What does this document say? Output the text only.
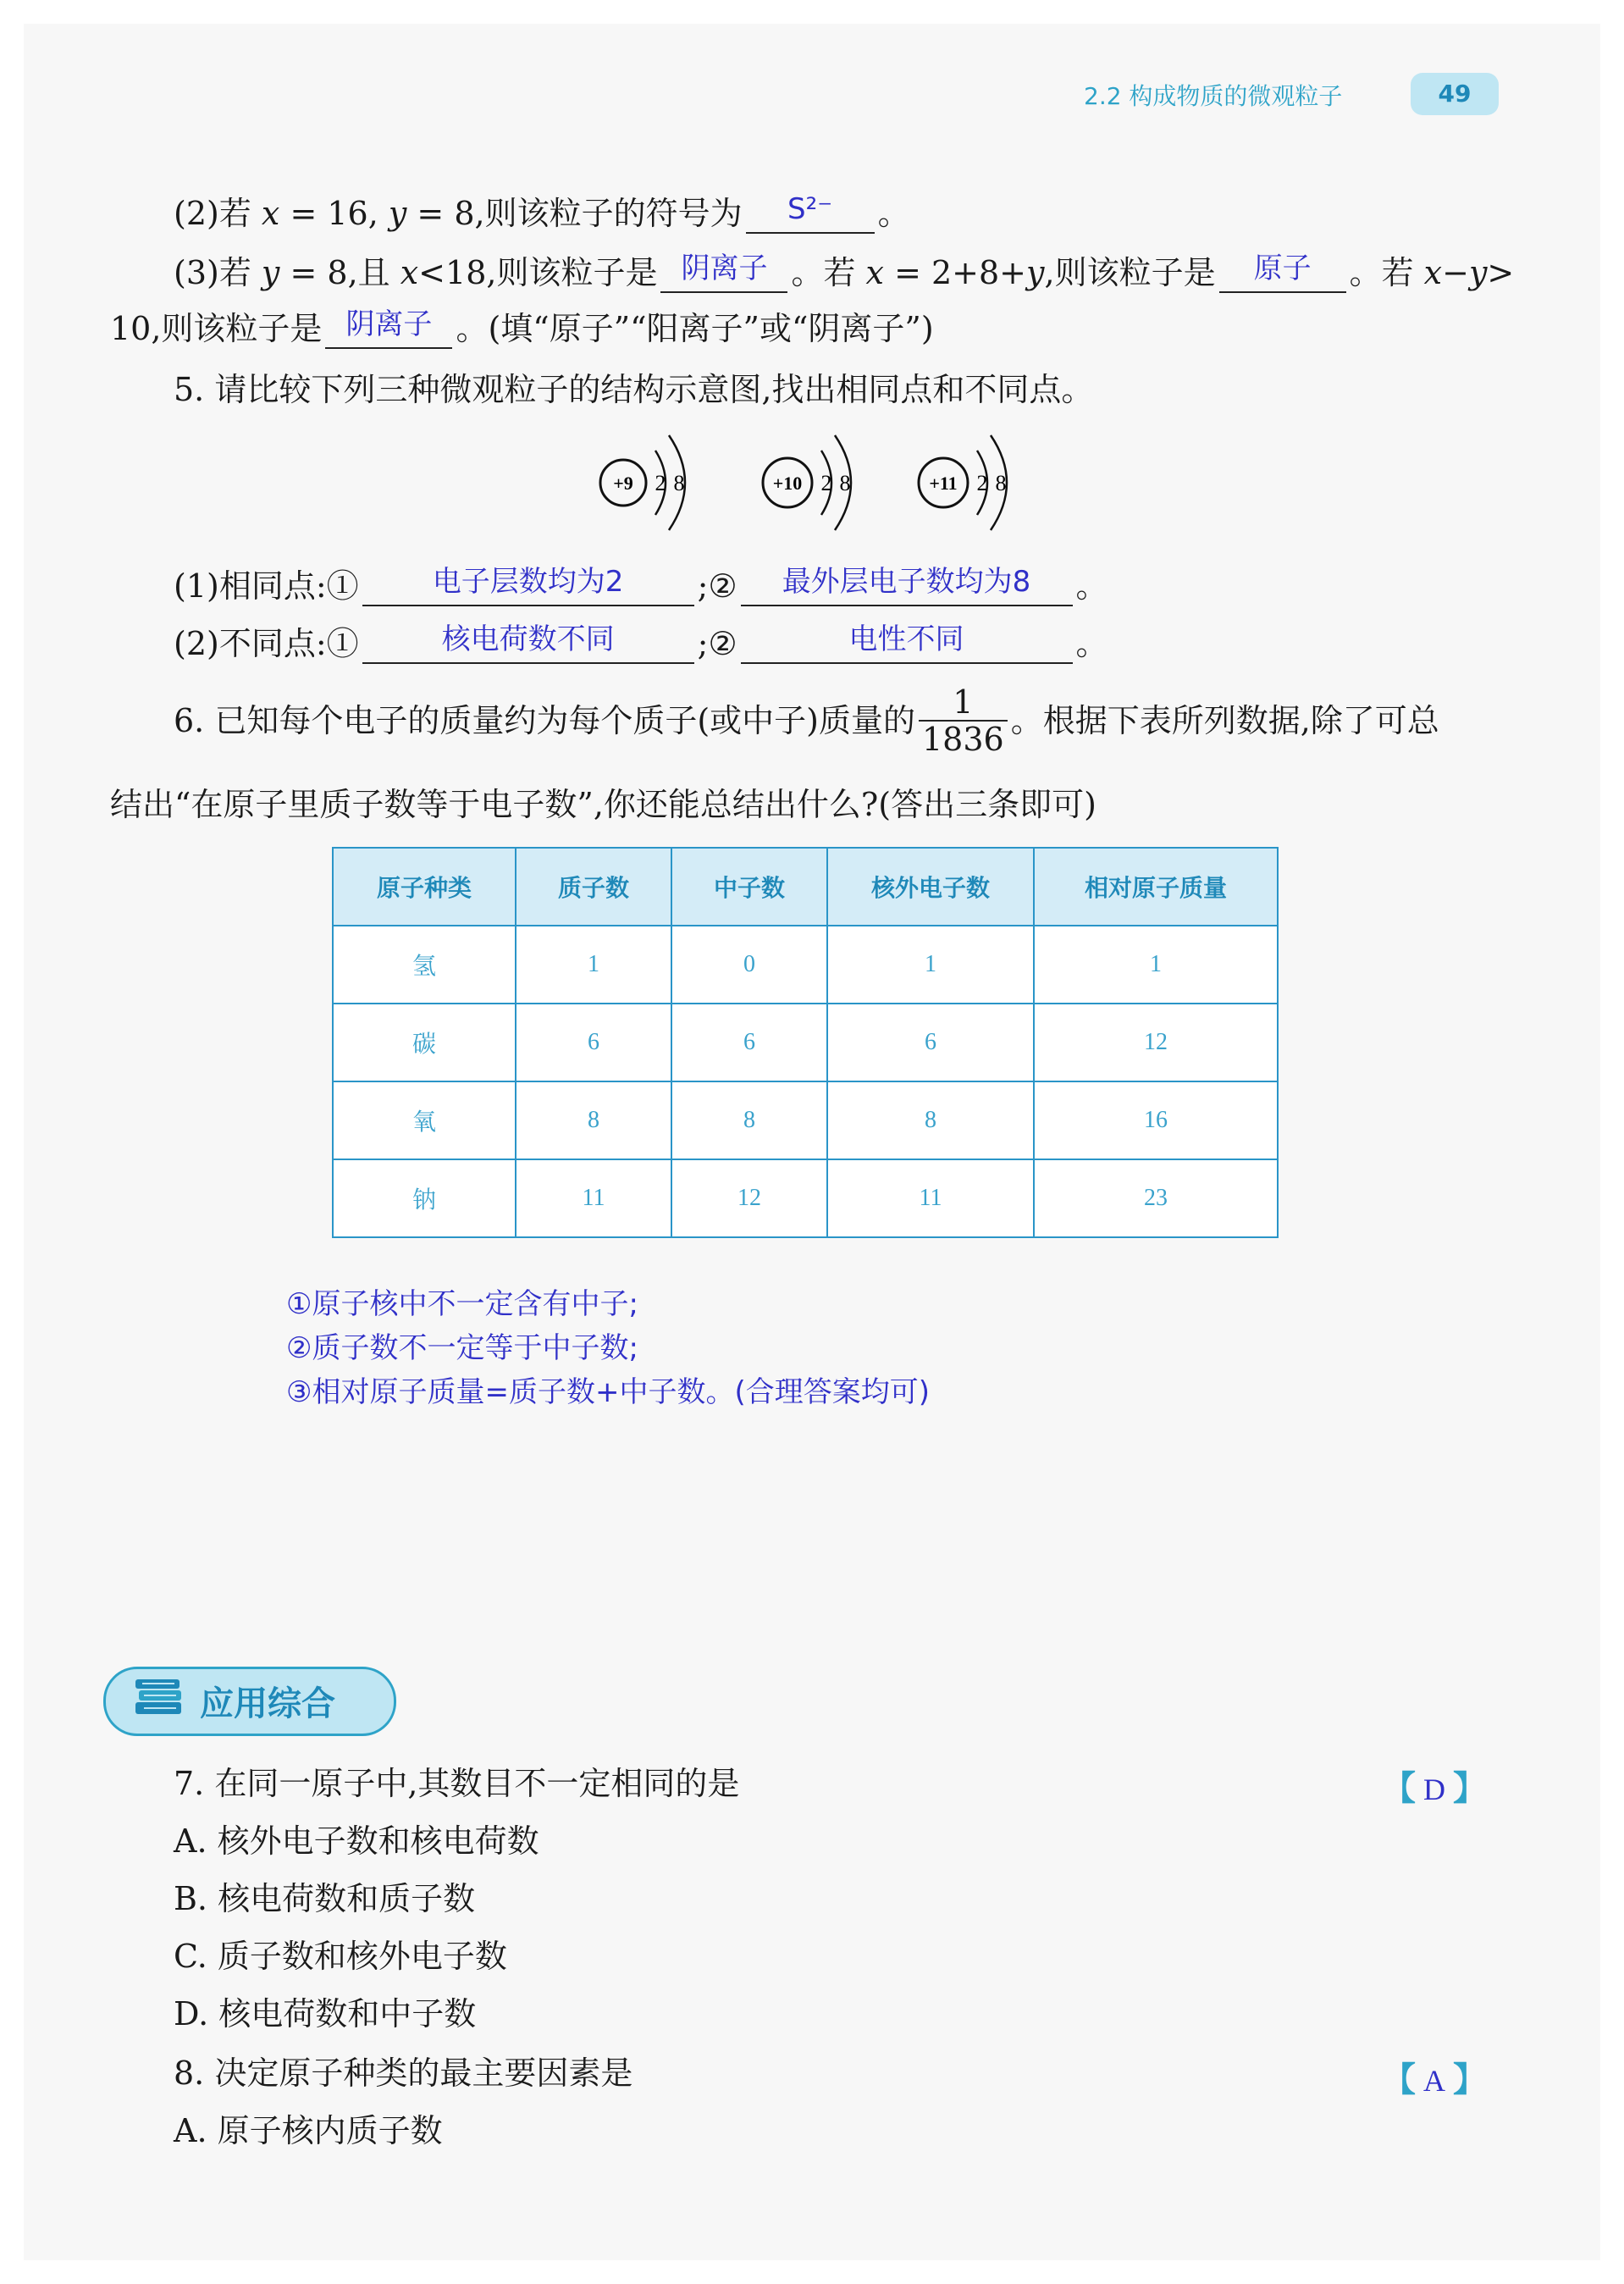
2.2 构成物质的微观粒子	49
(2)若 x = 16, y = 8,则该粒子的符号为	S²⁻	。
(3)若 y = 8,且 x<18,则该粒子是 阴离子 。若 x = 2+8+y,则该粒子是	原子	。若 x−y>
10,则该粒子是 阴离子 。(填“原子”“阳离子”或“阴离子”)
5. 请比较下列三种微观粒子的结构示意图,找出相同点和不同点。
+9 2 8	+10 2 8	+11 2 8
(1)相同点:①	电子层数均为2	;②	最外层电子数均为8	。
(2)不同点:①	核电荷数不同	;②	电性不同	。
6. 已知每个电子的质量约为每个质子(或中子)质量的 $\frac{1}{1836}$ 。根据下表所列数据,除了可总
结出“在原子里质子数等于电子数”,你还能总结出什么?(答出三条即可)
原子种类	质子数	中子数	核外电子数	相对原子质量
氢	1	0	1	1
碳	6	6	6	12
氧	8	8	8	16
钠	11	12	11	23
①原子核中不一定含有中子;
②质子数不一定等于中子数;
③相对原子质量=质子数+中子数。(合理答案均可)
应用综合
7. 在同一原子中,其数目不一定相同的是	【 D 】
A. 核外电子数和核电荷数
B. 核电荷数和质子数
C. 质子数和核外电子数
D. 核电荷数和中子数
8. 决定原子种类的最主要因素是	【 A 】
A. 原子核内质子数
